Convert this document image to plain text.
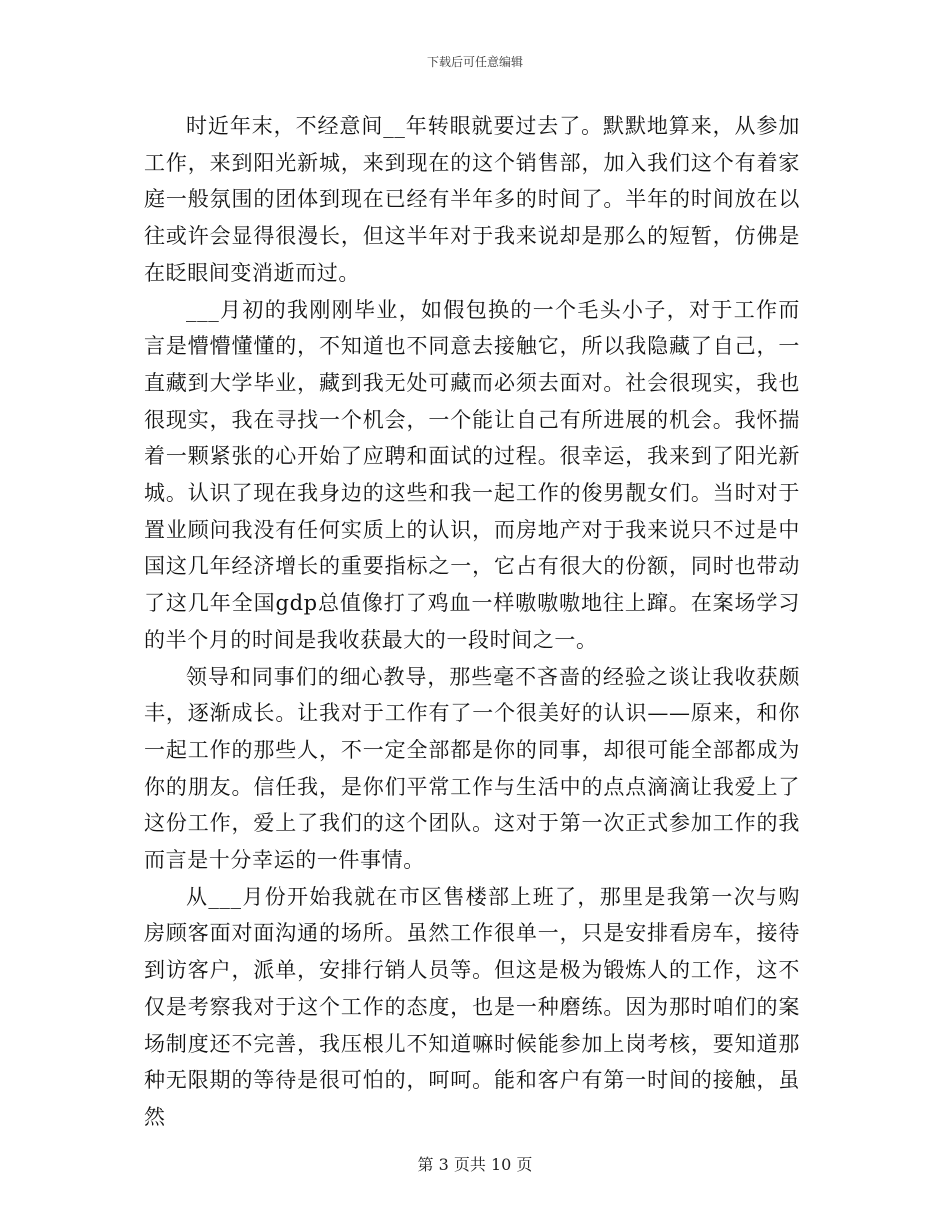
下载后可任意编辑

时近年末，不经意间__年转眼就要过去了。默默地算来，从参加工作，来到阳光新城，来到现在的这个销售部，加入我们这个有着家庭一般氛围的团体到现在已经有半年多的时间了。半年的时间放在以往或许会显得很漫长，但这半年对于我来说却是那么的短暂，仿佛是在眨眼间变消逝而过。

___月初的我刚刚毕业，如假包换的一个毛头小子，对于工作而言是懵懵懂懂的，不知道也不同意去接触它，所以我隐藏了自己，一直藏到大学毕业，藏到我无处可藏而必须去面对。社会很现实，我也很现实，我在寻找一个机会，一个能让自己有所进展的机会。我怀揣着一颗紧张的心开始了应聘和面试的过程。很幸运，我来到了阳光新城。认识了现在我身边的这些和我一起工作的俊男靓女们。当时对于置业顾问我没有任何实质上的认识，而房地产对于我来说只不过是中国这几年经济增长的重要指标之一，它占有很大的份额，同时也带动了这几年全国gdp总值像打了鸡血一样嗷嗷嗷地往上蹿。在案场学习的半个月的时间是我收获最大的一段时间之一。

领导和同事们的细心教导，那些毫不吝啬的经验之谈让我收获颇丰，逐渐成长。让我对于工作有了一个很美好的认识——原来，和你一起工作的那些人，不一定全部都是你的同事，却很可能全部都成为你的朋友。信任我，是你们平常工作与生活中的点点滴滴让我爱上了这份工作，爱上了我们的这个团队。这对于第一次正式参加工作的我而言是十分幸运的一件事情。

从___月份开始我就在市区售楼部上班了，那里是我第一次与购房顾客面对面沟通的场所。虽然工作很单一，只是安排看房车，接待到访客户，派单，安排行销人员等。但这是极为锻炼人的工作，这不仅是考察我对于这个工作的态度，也是一种磨练。因为那时咱们的案场制度还不完善，我压根儿不知道嘛时候能参加上岗考核，要知道那种无限期的等待是很可怕的，呵呵。能和客户有第一时间的接触，虽然

第 3 页共 10 页
